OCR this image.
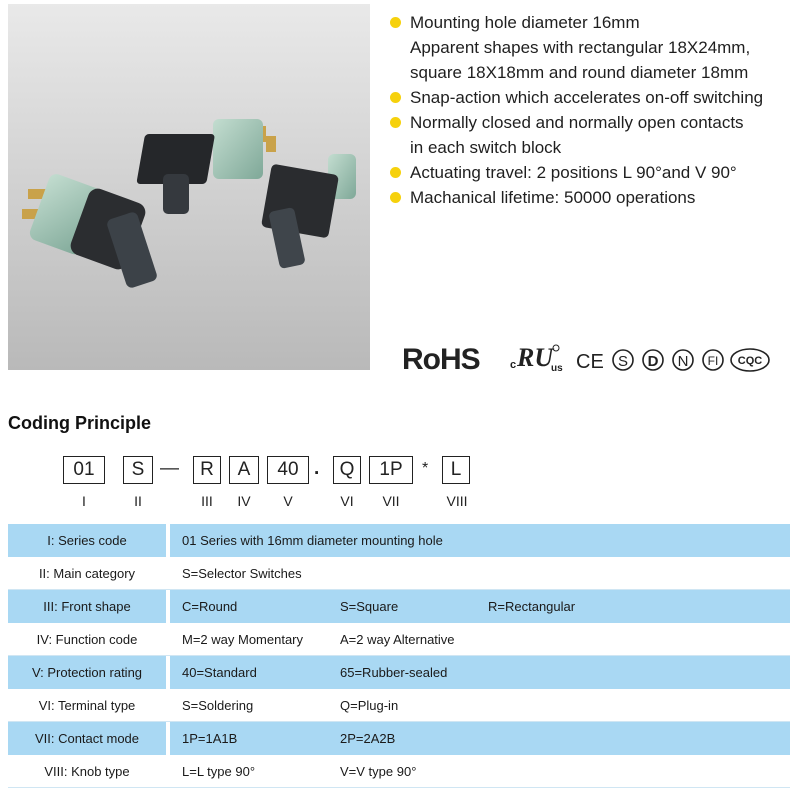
Mounting hole diameter 16mm
Apparent shapes with rectangular 18X24mm,
square 18X18mm and round diameter 18mm
Snap-action which accelerates on-off switching
Normally closed and normally open contacts
in each switch block
Actuating travel: 2 positions L 90°and V 90°
Machanical lifetime: 50000 operations
RoHS	c RU
us CE S D N FI CQC
Coding Principle
01	S —	R	A	40 .	Q	1P	*	L
I	II	III	IV	V	VI	VII	VIII
I: Series code	01 Series with 16mm diameter mounting hole
II: Main category	S=Selector Switches
III: Front shape	C=Round	S=Square	R=Rectangular
IV: Function code	M=2 way Momentary	A=2 way Alternative
V: Protection rating	40=Standard	65=Rubber-sealed
VI: Terminal type	S=Soldering	Q=Plug-in
VII: Contact mode	1P=1A1B	2P=2A2B
VIII: Knob type	L=L type 90°	V=V type 90°
